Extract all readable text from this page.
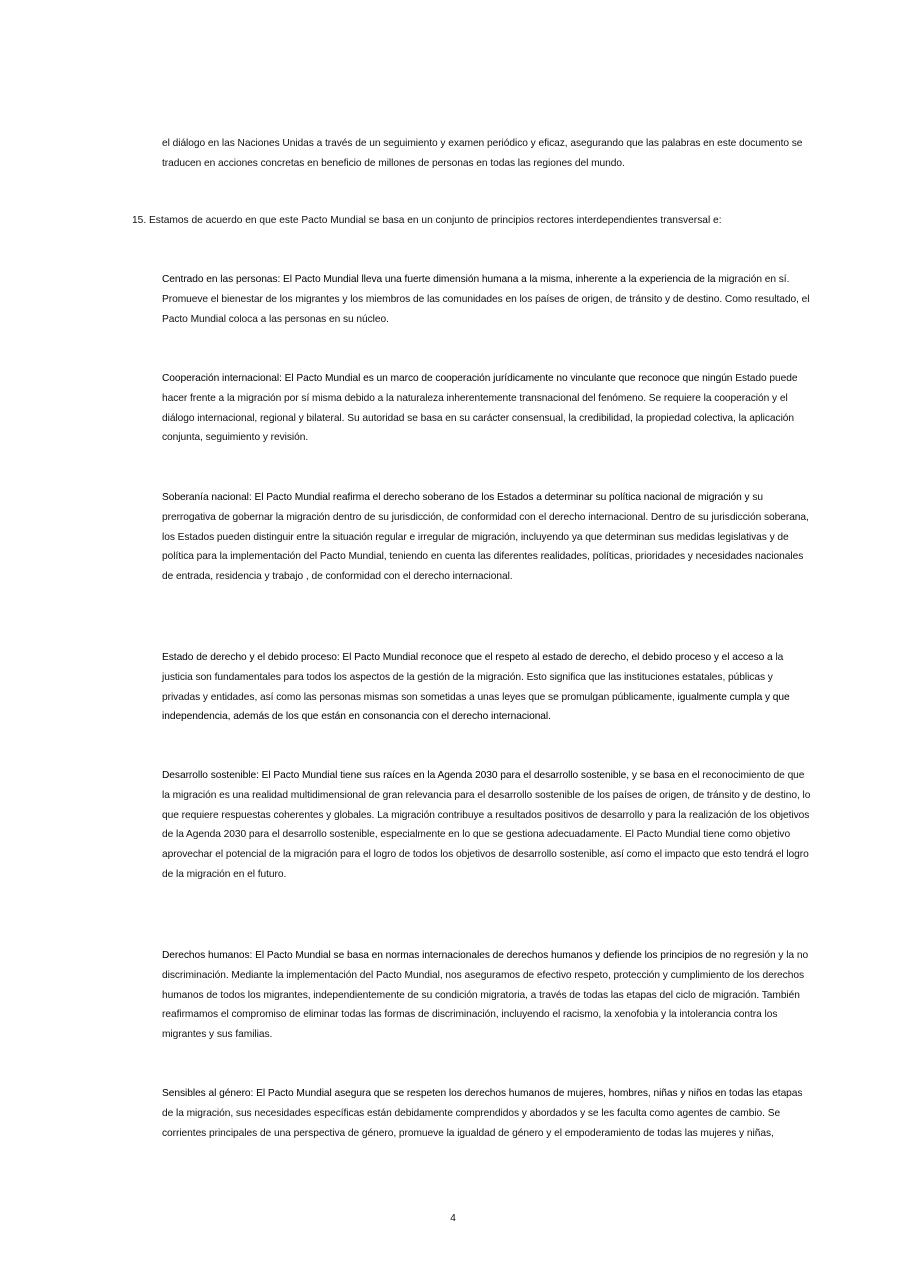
el diálogo en las Naciones Unidas a través de un seguimiento y examen periódico y eficaz, asegurando que las palabras en este documento se traducen en acciones concretas en beneficio de millones de personas en todas las regiones del mundo.
15. Estamos de acuerdo en que este Pacto Mundial se basa en un conjunto de principios rectores interdependientes transversal e:
Centrado en las personas: El Pacto Mundial lleva una fuerte dimensión humana a la misma, inherente a la experiencia de la migración en sí. Promueve el bienestar de los migrantes y los miembros de las comunidades en los países de origen, de tránsito y de destino. Como resultado, el Pacto Mundial coloca a las personas en su núcleo.
Cooperación internacional: El Pacto Mundial es un marco de cooperación jurídicamente no vinculante que reconoce que ningún Estado puede hacer frente a la migración por sí misma debido a la naturaleza inherentemente transnacional del fenómeno. Se requiere la cooperación y el diálogo internacional, regional y bilateral. Su autoridad se basa en su carácter consensual, la credibilidad, la propiedad colectiva, la aplicación conjunta, seguimiento y revisión.
Soberanía nacional: El Pacto Mundial reafirma el derecho soberano de los Estados a determinar su política nacional de migración y su prerrogativa de gobernar la migración dentro de su jurisdicción, de conformidad con el derecho internacional. Dentro de su jurisdicción soberana, los Estados pueden distinguir entre la situación regular e irregular de migración, incluyendo ya que determinan sus medidas legislativas y de política para la implementación del Pacto Mundial, teniendo en cuenta las diferentes realidades, políticas, prioridades y necesidades nacionales de entrada, residencia y trabajo , de conformidad con el derecho internacional.
Estado de derecho y el debido proceso: El Pacto Mundial reconoce que el respeto al estado de derecho, el debido proceso y el acceso a la justicia son fundamentales para todos los aspectos de la gestión de la migración. Esto significa que las instituciones estatales, públicas y privadas y entidades, así como las personas mismas son sometidas a unas leyes que se promulgan públicamente, igualmente cumpla y que independencia, además de los que están en consonancia con el derecho internacional.
Desarrollo sostenible: El Pacto Mundial tiene sus raíces en la Agenda 2030 para el desarrollo sostenible, y se basa en el reconocimiento de que la migración es una realidad multidimensional de gran relevancia para el desarrollo sostenible de los países de origen, de tránsito y de destino, lo que requiere respuestas coherentes y globales. La migración contribuye a resultados positivos de desarrollo y para la realización de los objetivos de la Agenda 2030 para el desarrollo sostenible, especialmente en lo que se gestiona adecuadamente. El Pacto Mundial tiene como objetivo aprovechar el potencial de la migración para el logro de todos los objetivos de desarrollo sostenible, así como el impacto que esto tendrá el logro de la migración en el futuro.
Derechos humanos: El Pacto Mundial se basa en normas internacionales de derechos humanos y defiende los principios de no regresión y la no discriminación. Mediante la implementación del Pacto Mundial, nos aseguramos de efectivo respeto, protección y cumplimiento de los derechos humanos de todos los migrantes, independientemente de su condición migratoria, a través de todas las etapas del ciclo de migración. También reafirmamos el compromiso de eliminar todas las formas de discriminación, incluyendo el racismo, la xenofobia y la intolerancia contra los migrantes y sus familias.
Sensibles al género: El Pacto Mundial asegura que se respeten los derechos humanos de mujeres, hombres, niñas y niños en todas las etapas de la migración, sus necesidades específicas están debidamente comprendidos y abordados y se les faculta como agentes de cambio. Se corrientes principales de una perspectiva de género, promueve la igualdad de género y el empoderamiento de todas las mujeres y niñas,
4
